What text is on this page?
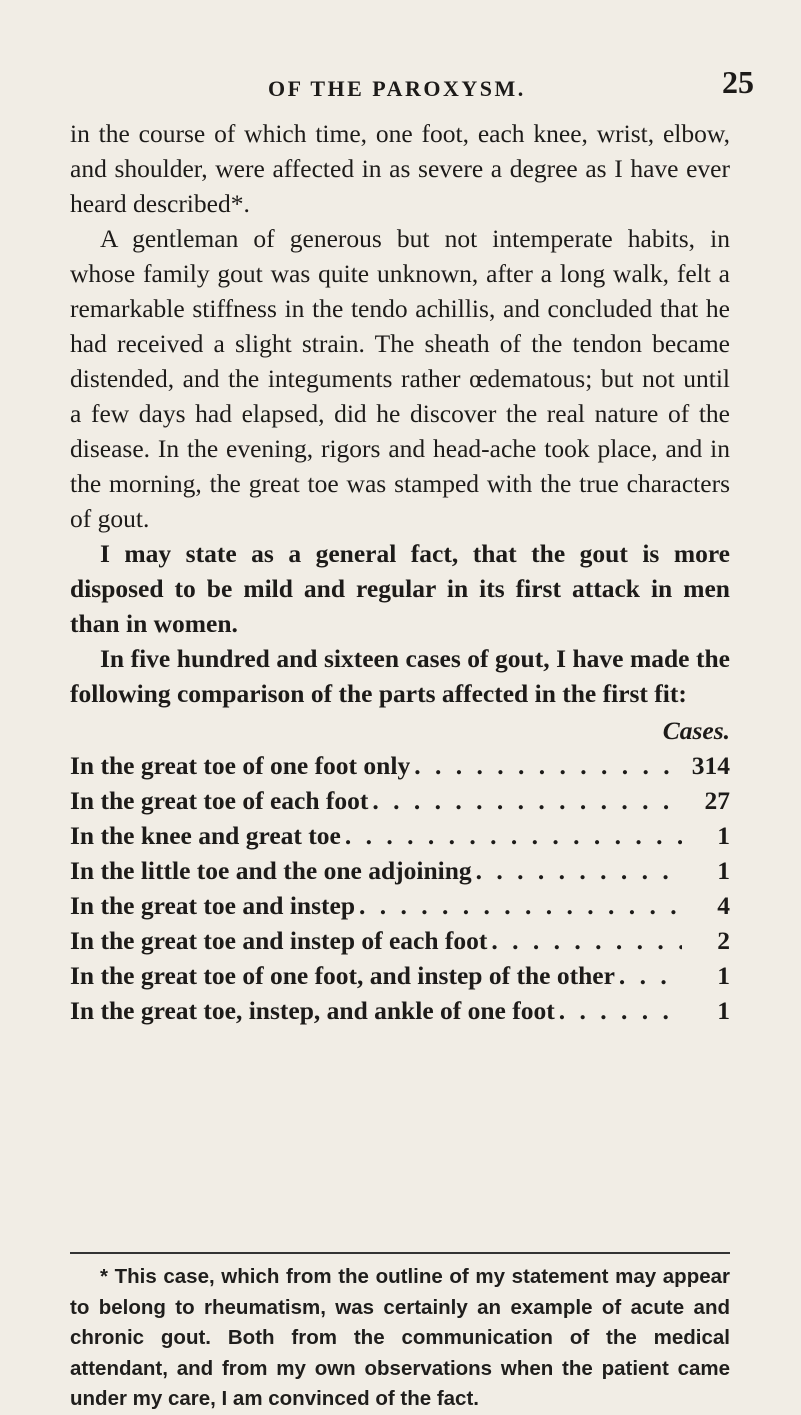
OF THE PAROXYSM.	25

in the course of which time, one foot, each knee, wrist, elbow, and shoulder, were affected in as severe a degree as I have ever heard described*.

A gentleman of generous but not intemperate habits, in whose family gout was quite unknown, after a long walk, felt a remarkable stiffness in the tendo achillis, and concluded that he had received a slight strain. The sheath of the tendon became distended, and the integuments rather œdematous; but not until a few days had elapsed, did he discover the real nature of the disease. In the evening, rigors and head-ache took place, and in the morning, the great toe was stamped with the true characters of gout.

I may state as a general fact, that the gout is more disposed to be mild and regular in its first attack in men than in women.

In five hundred and sixteen cases of gout, I have made the following comparison of the parts affected in the first fit:

Cases.
In the great toe of one foot only . . .	314
In the great toe of each foot . . .	27
In the knee and great toe . . .	1
In the little toe and the one adjoining . . .	1
In the great toe and instep . . .	4
In the great toe and instep of each foot . . .	2
In the great toe of one foot, and instep of the other . . .	1
In the great toe, instep, and ankle of one foot . . .	1

* This case, which from the outline of my statement may appear to belong to rheumatism, was certainly an example of acute and chronic gout. Both from the communication of the medical attendant, and from my own observations when the patient came under my care, I am convinced of the fact.
